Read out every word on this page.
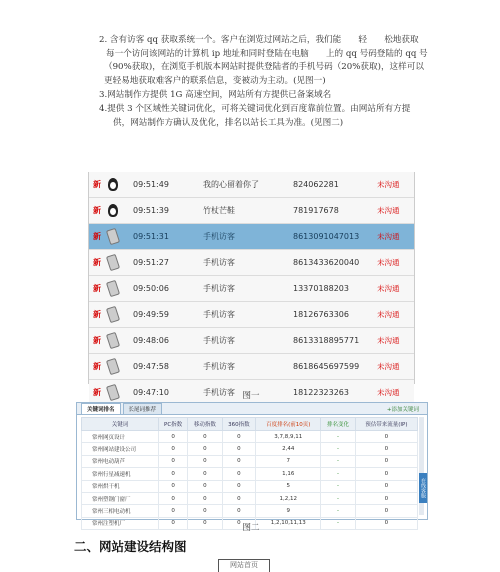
2. 含有访客 qq 获取系统一个。客户在浏览过网站之后，我们能　　轻　　松地获取
每一个访问该网站的计算机 ip 地址和同时登陆在电脑　　上的 qq 号码登陆的 qq 号
（90%获取)，在浏览手机版本网站时提供登陆者的手机号码（20%获取)，这样可以
更轻易地获取难客户的联系信息，变被动为主动。(见图一)
3.网站制作方提供 1G 高速空间，网站所有方提供已备案域名
4.提供 3 个区域性关键词优化，可将关键词优化到百度靠前位置。由网站所有方提
供，网站制作方确认及优化，排名以站长工具为准。(见图二)
新	09:51:49	我的心留着你了	824062281	未沟通
新	09:51:39	竹杖芒鞋	781917678	未沟通
新	09:51:31	手机访客	8613091047013	未沟通
新	09:51:27	手机访客	8613433620040	未沟通
新	09:50:06	手机访客	13370188203	未沟通
新	09:49:59	手机访客	18126763306	未沟通
新	09:48:06	手机访客	8613318895771	未沟通
新	09:47:58	手机访客	8618645697599	未沟通
新	09:47:10	手机访客	18122323263	未沟通
图一
关键词排名	长尾词推荐	+添加关键词
关键词	PC指数	移动指数	360指数	百度排名(前10页)	排名变化	预估带来流量(IP)
常州网页设计	0	0	0	3,7,8,9,11	-	0
常州网站建设公司	0	0	0	2,44	-	0
常州电动葫芦	0	0	0	7	-	0
常州行星减速机	0	0	0	1,16	-	0
常州烘干机	0	0	0	5	-	0
常州塑钢门窗厂	0	0	0	1,2,12	-	0
常州三相电动机	0	0	0	9	-	0
常州注塑机厂	0	0	0	1,2,10,11,13	-	0
在线客服
图二
二、网站建设结构图
网站首页
